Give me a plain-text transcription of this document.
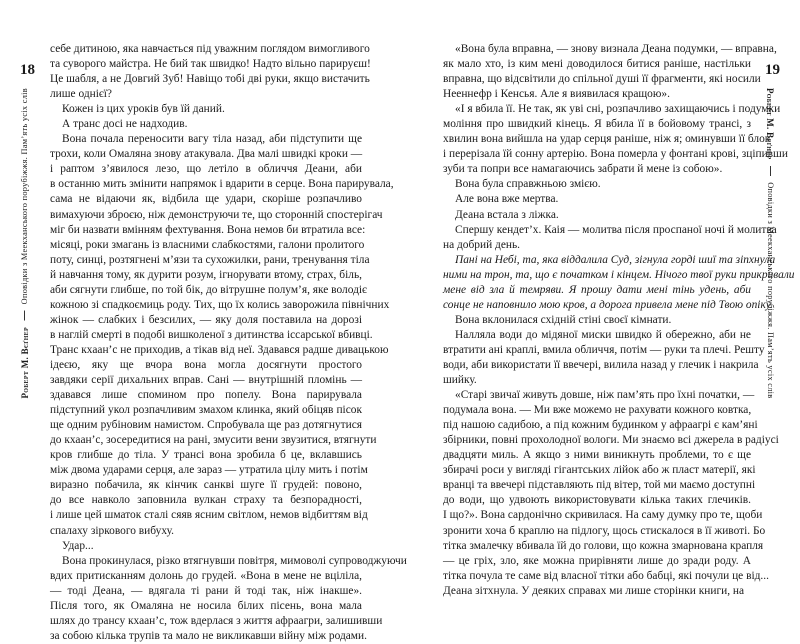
18
Роберт М. Вєґнер  Оповідки з Меекханського порубіжжя. Пам’ять усіх слів
себе дитиною, яка навчається під уважним поглядом вимогливого
та суворого майстра. Не бий так швидко! Надто вільно парируєш!
Це шабля, а не Довгий Зуб! Навіщо тобі дві руки, якщо вистачить
лише однієї?
Кожен із цих уроків був їй даний.
А транс досі не надходив.
Вона почала переносити вагу тіла назад, аби підступити ще
трохи, коли Омаляна знову атакувала. Два малі швидкі кроки —
і раптом з’явилося лезо, що летіло в обличчя Деани, аби
в останню мить змінити напрямок і вдарити в серце. Вона парирувала,
сама не відаючи як, відбила ще удари, скоріше розпачливо
вимахуючи зброєю, ніж демонструючи те, що сторонній спостерігач
міг би назвати вмінням фехтування. Вона немов би втратила все:
місяці, роки змагань із власними слабкостями, галони пролитого
поту, синці, розтягнені м’язи та сухожилки, рани, тренування тіла
й навчання тому, як дурити розум, ігнорувати втому, страх, біль,
аби сягнути глибше, по той бік, до вітрушне полум’я, яке володіє
кожною зі спадкоємиць роду. Тих, що їх колись заворожила північних
жінок — слабких і безсилих, — яку доля поставила на дорозі
в наглій смерті в подобі вишколеної з дитинства іссарської вбивці.
Транс кхаан’с не приходив, а тікав від неї. Здавався радше дивацькою
ідеєю, яку ще вчора вона могла досягнути простого
завдяки серії дихальних вправ. Сані — внутрішній пломінь —
здавався лише спомином про попелу. Вона парирувала
підступний укол розпачливим змахом клинка, який обіцяв пісок
ще одним рубіновим намистом. Спробувала ще раз дотягнутися
до кхаан’с, зосередитися на рані, змусити вени звузитися, втягнути
кров глибше до тіла. У трансі вона зробила б це, вклавшись
між двома ударами серця, але зараз — утратила цілу мить і потім
виразно побачила, як кінчик санкві шуге її грудей: повоно,
до все навколо заповнила вулкан страху та безпорадності,
і лише цей шматок сталі сяяв ясним світлом, немов відбиттям від
спалаху зіркового вибуху.
Удар...
Вона прокинулася, різко втягнувши повітря, мимоволі супроводжуючи
вдих притисканням долонь до грудей. «Вона в мене не вціліла,
— тоді Деана, — вдягала ті рани й тоді так, ніж інакше».
Після того, як Омаляна не носила білих пісень, вона мала
шлях до трансу кхаан’с, тож вдерлася з життя афраагри, залишивши
за собою кілька трупів та мало не викликавши війну між родами.
19
Роберт М. Вєґнер  Оповідки з Меекханського порубіжжя. Пам’ять усіх слів
«Вона була вправна, — знову визнала Деана подумки, — вправна,
як мало хто, із ким мені доводилося битися раніше, настільки
вправна, що відсвітили до спільної душі її фрагменти, які носили
Нееннефр і Кенсья. Але я виявилася кращою».
«І я вбила її. Не так, як уві сні, розпачливо захищаючись і подумки
моління про швидкий кінець. Я вбила її в бойовому трансі, з
хвилин вона вийшла на удар серця раніше, ніж я; оминувши її блок
і перерізала їй сонну артерію. Вона померла у фонтані крові, зціпивши
зуби та попри все намагаючись забрати й мене із собою».
Вона була справжньою змією.
Але вона вже мертва.
Деана встала з ліжка.
Спершу кендет’х. Каія — молитва після проспаної ночі й молитва
на добрий день.
Пані на Небі, та, яка віддалила Суд, зігнула горді шиї та зіпхнула
ними на трон, та, що є початком і кінцем. Нічого твої руки прикривали
мене від зла й темряви. Я прошу дати мені тінь удень, аби
сонце не наповнило мою кров, а дорога привела мене під Твою опіку.
Вона вклонилася східній стіні своєї кімнати.
Налляла води до мідяної миски швидко й обережно, аби не
втратити ані краплі, вмила обличчя, потім — руки та плечі. Решту
води, аби використати її ввечері, вилила назад у глечик і накрила
шийку.
«Старі звичаї живуть довше, ніж пам’ять про їхні початки, —
подумала вона. — Ми вже можемо не рахувати кожного ковтка,
під нашою садибою, а під кожним будинком у афраагрі є кам’яні
збірники, повні прохолодної вологи. Ми знаємо всі джерела в радіусі
двадцяти миль. А якщо з ними виникнуть проблеми, то є ще
збирачі роси у вигляді гігантських лійок або ж пласт матерії, які
вранці та ввечері підставляють під вітер, той ми маємо доступні
до води, що удвоють використовувати кілька таких глечиків.
І що?». Вона сардонічно скривилася. На саму думку про те, щоби
зронити хоча б краплю на підлогу, щось стискалося в її животі. Бо
тітка змалечку вбивала їй до голови, що кожна змарнована крапля
— це гріх, зло, яке можна прирівняти лише до зради роду. А
тітка почула те саме від власної тітки або бабці, які почули це від...
Деана зітхнула. У деяких справах ми лише сторінки книги, на
